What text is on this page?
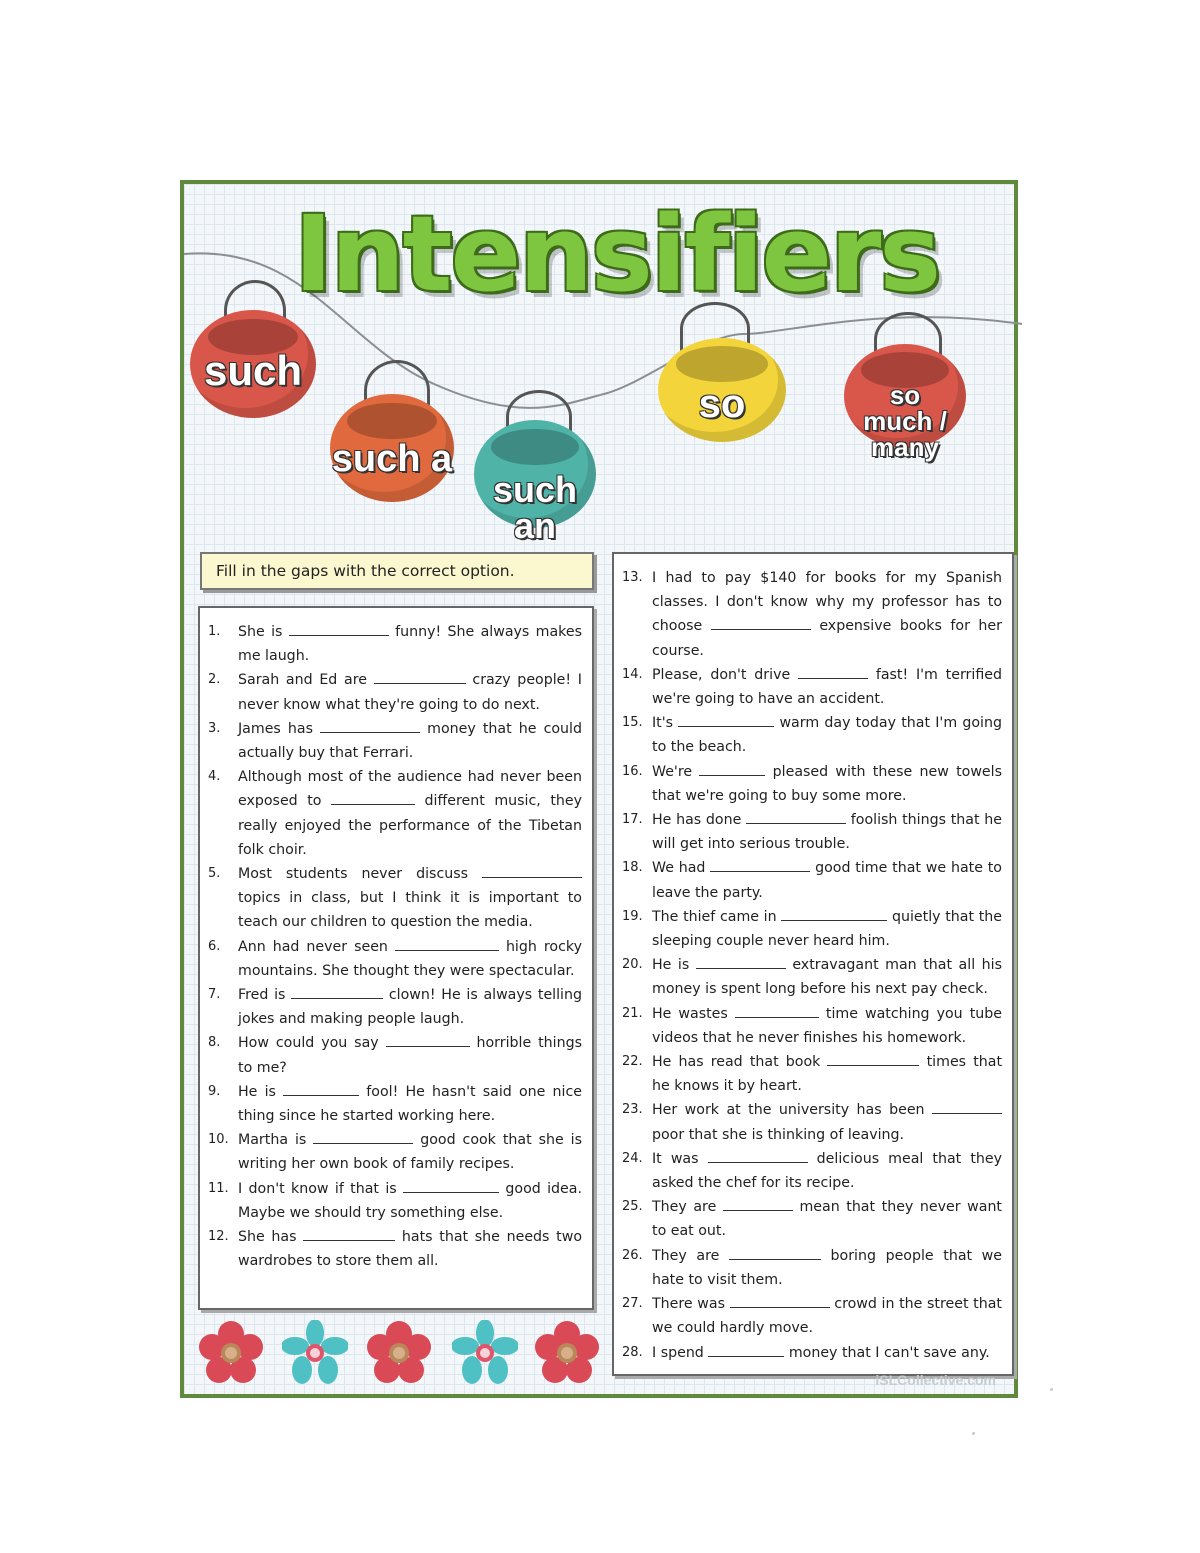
Intensifiers
such
such a
such an
so	so much / many
Fill in the gaps with the correct option.
1.	She is	funny! She always makes me laugh.
2.	Sarah and Ed are	crazy people! I never know what they're going to do next.
3.	James has	money that he could actually buy that Ferrari.
4.	Although most of the audience had never been exposed to	different music, they really enjoyed the performance of the Tibetan folk choir.
5.	Most students never discuss  topics in class, but I think it is important to teach our children to question the media.
6.	Ann had never seen	high rocky mountains. She thought they were spectacular.
7.	Fred is	clown! He is always telling jokes and making people laugh.
8.	How could you say	horrible things to me?
9.	He is	fool! He hasn't said one nice thing since he started working here.
10. Martha is	good cook that she is writing her own book of family recipes.
11. I don't know if that is	good idea. Maybe we should try something else.
12. She has	hats that she needs two wardrobes to store them all.
13. I had to pay $140 for books for my Spanish classes. I don't know why my professor has to choose	expensive books for her course.
14. Please, don't drive	fast! I'm terrified we're going to have an accident.
15. It's	warm day today that I'm going to the beach.
16. We're	pleased with these new towels that we're going to buy some more.
17. He has done	foolish things that he will get into serious trouble.
18. We had	good time that we hate to leave the party.
19. The thief came in	quietly that the sleeping couple never heard him.
20. He is	extravagant man that all his money is spent long before his next pay check.
21. He wastes	time watching you tube videos that he never finishes his homework.
22. He has read that book	times that he knows it by heart.
23. Her work at the university has been  poor that she is thinking of leaving.
24. It was	delicious meal that they asked the chef for its recipe.
25. They are	mean that they never want to eat out.
26. They are	boring people that we hate to visit them.
27. There was	crowd in the street that we could hardly move.
28. I spend	money that I can't save any.
iSLCollective.com
